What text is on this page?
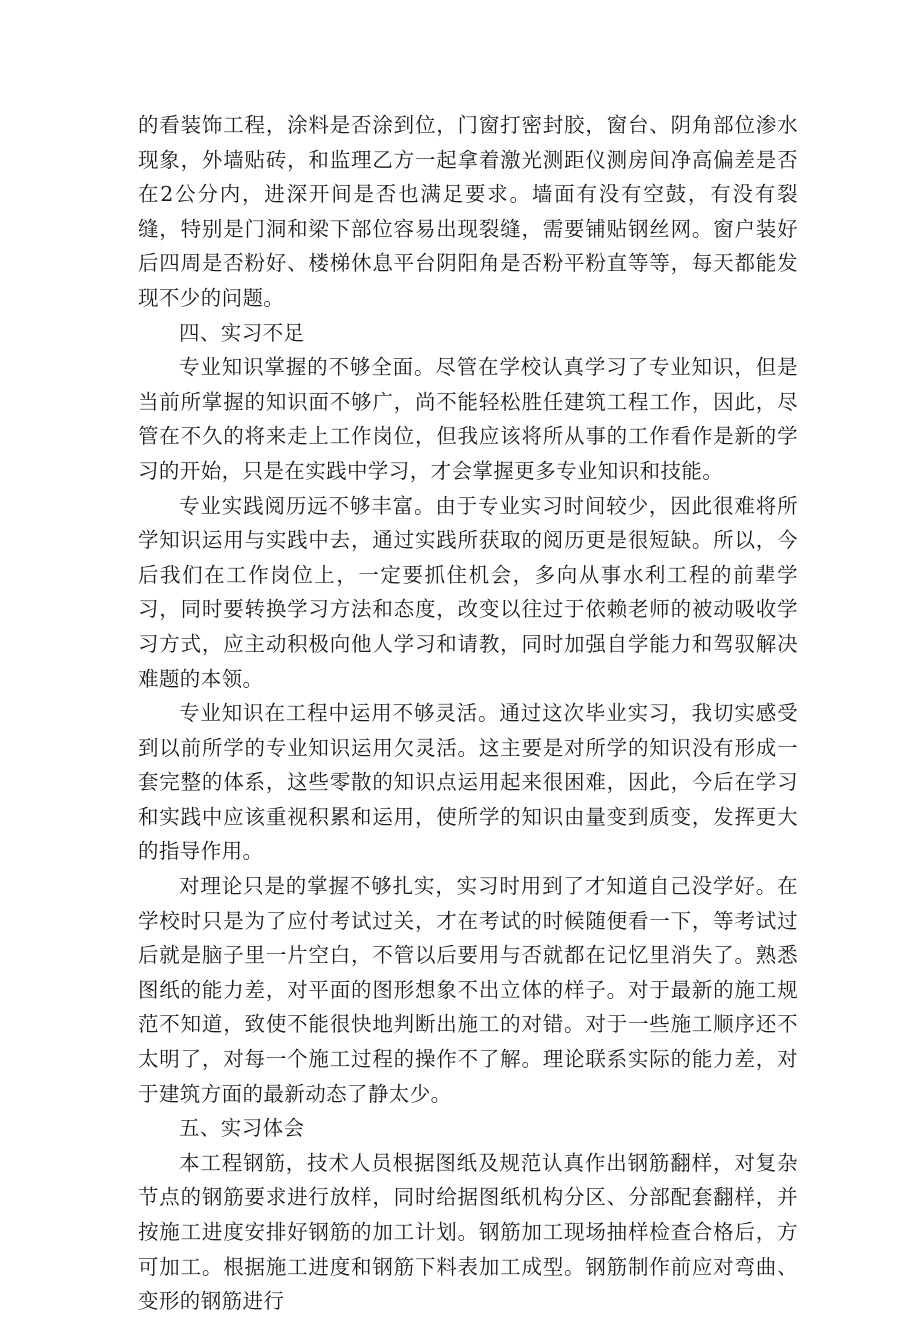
的看装饰工程，涂料是否涂到位，门窗打密封胶，窗台、阴角部位渗水现象，外墙贴砖，和监理乙方一起拿着激光测距仪测房间净高偏差是否在2公分内，进深开间是否也满足要求。墙面有没有空鼓，有没有裂缝，特别是门洞和梁下部位容易出现裂缝，需要铺贴钢丝网。窗户装好后四周是否粉好、楼梯休息平台阴阳角是否粉平粉直等等，每天都能发现不少的问题。

四、实习不足

专业知识掌握的不够全面。尽管在学校认真学习了专业知识，但是当前所掌握的知识面不够广，尚不能轻松胜任建筑工程工作，因此，尽管在不久的将来走上工作岗位，但我应该将所从事的工作看作是新的学习的开始，只是在实践中学习，才会掌握更多专业知识和技能。

专业实践阅历远不够丰富。由于专业实习时间较少，因此很难将所学知识运用与实践中去，通过实践所获取的阅历更是很短缺。所以，今后我们在工作岗位上，一定要抓住机会，多向从事水利工程的前辈学习，同时要转换学习方法和态度，改变以往过于依赖老师的被动吸收学习方式，应主动积极向他人学习和请教，同时加强自学能力和驾驭解决难题的本领。

专业知识在工程中运用不够灵活。通过这次毕业实习，我切实感受到以前所学的专业知识运用欠灵活。这主要是对所学的知识没有形成一套完整的体系，这些零散的知识点运用起来很困难，因此，今后在学习和实践中应该重视积累和运用，使所学的知识由量变到质变，发挥更大的指导作用。

对理论只是的掌握不够扎实，实习时用到了才知道自己没学好。在学校时只是为了应付考试过关，才在考试的时候随便看一下，等考试过后就是脑子里一片空白，不管以后要用与否就都在记忆里消失了。熟悉图纸的能力差，对平面的图形想象不出立体的样子。对于最新的施工规范不知道，致使不能很快地判断出施工的对错。对于一些施工顺序还不太明了，对每一个施工过程的操作不了解。理论联系实际的能力差，对于建筑方面的最新动态了静太少。

五、实习体会

本工程钢筋，技术人员根据图纸及规范认真作出钢筋翻样，对复杂节点的钢筋要求进行放样，同时给据图纸机构分区、分部配套翻样，并按施工进度安排好钢筋的加工计划。钢筋加工现场抽样检查合格后，方可加工。根据施工进度和钢筋下料表加工成型。钢筋制作前应对弯曲、变形的钢筋进行
